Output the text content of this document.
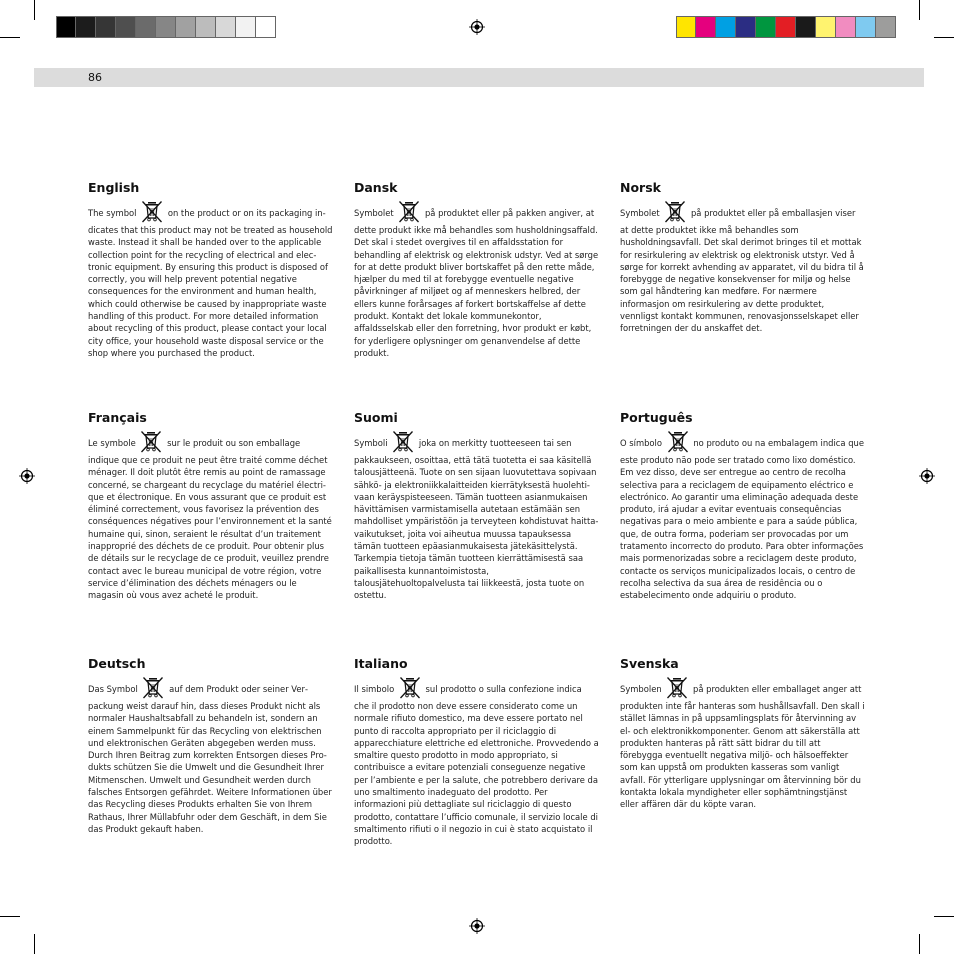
86
English

The symbol	on the product or on its packaging indicates that this product may not be treated as household waste. Instead it shall be handed over to the applicable collection point for the recycling of electrical and electronic equipment. By ensuring this product is disposed of correctly, you will help prevent potential negative consequences for the environment and human health, which could otherwise be caused by inappropriate waste handling of this product. For more detailed information about recycling of this product, please contact your local city office, your household waste disposal service or the shop where you purchased the product.

Dansk

Symbolet	på produktet eller på pakken angiver, at dette produkt ikke må behandles som husholdningsaffald. Det skal i stedet overgives til en affaldsstation for behandling af elektrisk og elektronisk udstyr. Ved at sørge for at dette produkt bliver bortskaffet på den rette måde, hjælper du med til at forebygge eventuelle negative påvirkninger af miljøet og af menneskers helbred, der ellers kunne forårsages af forkert bortskaffelse af dette produkt. Kontakt det lokale kommunekontor, affaldsselskab eller den forretning, hvor produkt er købt, for yderligere oplysninger om genanvendelse af dette produkt.

Norsk

Symbolet	på produktet eller på emballasjen viser at dette produktet ikke må behandles som husholdningsavfall. Det skal derimot bringes til et mottak for resirkulering av elektrisk og elektronisk utstyr. Ved å sørge for korrekt avhending av apparatet, vil du bidra til å forebygge de negative konsekvenser for miljø og helse som gal håndtering kan medføre. For nærmere informasjon om resirkulering av dette produktet, vennligst kontakt kommunen, renovasjonsselskapet eller forretningen der du anskaffet det.

Français

Le symbole	sur le produit ou son emballage indique que ce produit ne peut être traité comme déchet ménager. Il doit plutôt être remis au point de ramassage concerné, se chargeant du recyclage du matériel électrique et électronique. En vous assurant que ce produit est éliminé correctement, vous favorisez la prévention des conséquences négatives pour l’environnement et la santé humaine qui, sinon, seraient le résultat d’un traitement inapproprié des déchets de ce produit. Pour obtenir plus de détails sur le recyclage de ce produit, veuillez prendre contact avec le bureau municipal de votre région, votre service d’élimination des déchets ménagers ou le magasin où vous avez acheté le produit.

Suomi

Symboli	joka on merkitty tuotteeseen tai sen pakkaukseen, osoittaa, että tätä tuotetta ei saa käsitellä talousjätteenä. Tuote on sen sijaan luovutettava sopivaan sähkö- ja elektroniikkalaitteiden kierrätyksestä huolehtivaan keräyspisteeseen. Tämän tuotteen asianmukaisen hävittämisen varmistamisella autetaan estämään sen mahdolliset ympäristöön ja terveyteen kohdistuvat haittavaikutukset, joita voi aiheutua muussa tapauksessa tämän tuotteen epäasianmukaisesta jätekäsittelystä. Tarkempia tietoja tämän tuotteen kierrättämisestä saa paikallisesta kunnantoimistosta, talousjätehuoltopalvelusta tai liikkeestä, josta tuote on ostettu.

Português

O símbolo	no produto ou na embalagem indica que este produto não pode ser tratado como lixo doméstico. Em vez disso, deve ser entregue ao centro de recolha selectiva para a reciclagem de equipamento eléctrico e electrónico. Ao garantir uma eliminação adequada deste produto, irá ajudar a evitar eventuais consequências negativas para o meio ambiente e para a saúde pública, que, de outra forma, poderiam ser provocadas por um tratamento incorrecto do produto. Para obter informações mais pormenorizadas sobre a reciclagem deste produto, contacte os serviços municipalizados locais, o centro de recolha selectiva da sua área de residência ou o estabelecimento onde adquiriu o produto.

Deutsch

Das Symbol	auf dem Produkt oder seiner Verpackung weist darauf hin, dass dieses Produkt nicht als normaler Haushaltsabfall zu behandeln ist, sondern an einem Sammelpunkt für das Recycling von elektrischen und elektronischen Geräten abgegeben werden muss. Durch Ihren Beitrag zum korrekten Entsorgen dieses Produkts schützen Sie die Umwelt und die Gesundheit Ihrer Mitmenschen. Umwelt und Gesundheit werden durch falsches Entsorgen gefährdet. Weitere Informationen über das Recycling dieses Produkts erhalten Sie von Ihrem Rathaus, Ihrer Müllabfuhr oder dem Geschäft, in dem Sie das Produkt gekauft haben.

Italiano

Il simbolo	sul prodotto o sulla confezione indica che il prodotto non deve essere considerato come un normale rifiuto domestico, ma deve essere portato nel punto di raccolta appropriato per il riciclaggio di apparecchiature elettriche ed elettroniche. Provvedendo a smaltire questo prodotto in modo appropriato, si contribuisce a evitare potenziali conseguenze negative per l’ambiente e per la salute, che potrebbero derivare da uno smaltimento inadeguato del prodotto. Per informazioni più dettagliate sul riciclaggio di questo prodotto, contattare l’ufficio comunale, il servizio locale di smaltimento rifiuti o il negozio in cui è stato acquistato il prodotto.

Svenska

Symbolen	på produkten eller emballaget anger att produkten inte får hanteras som hushållsavfall. Den skall i stället lämnas in på uppsamlingsplats för återvinning av el- och elektronikkomponenter. Genom att säkerställa att produkten hanteras på rätt sätt bidrar du till att förebygga eventuellt negativa miljö- och hälsoeffekter som kan uppstå om produkten kasseras som vanligt avfall. För ytterligare upplysningar om återvinning bör du kontakta lokala myndigheter eller sophämtningstjänst eller affären där du köpte varan.
